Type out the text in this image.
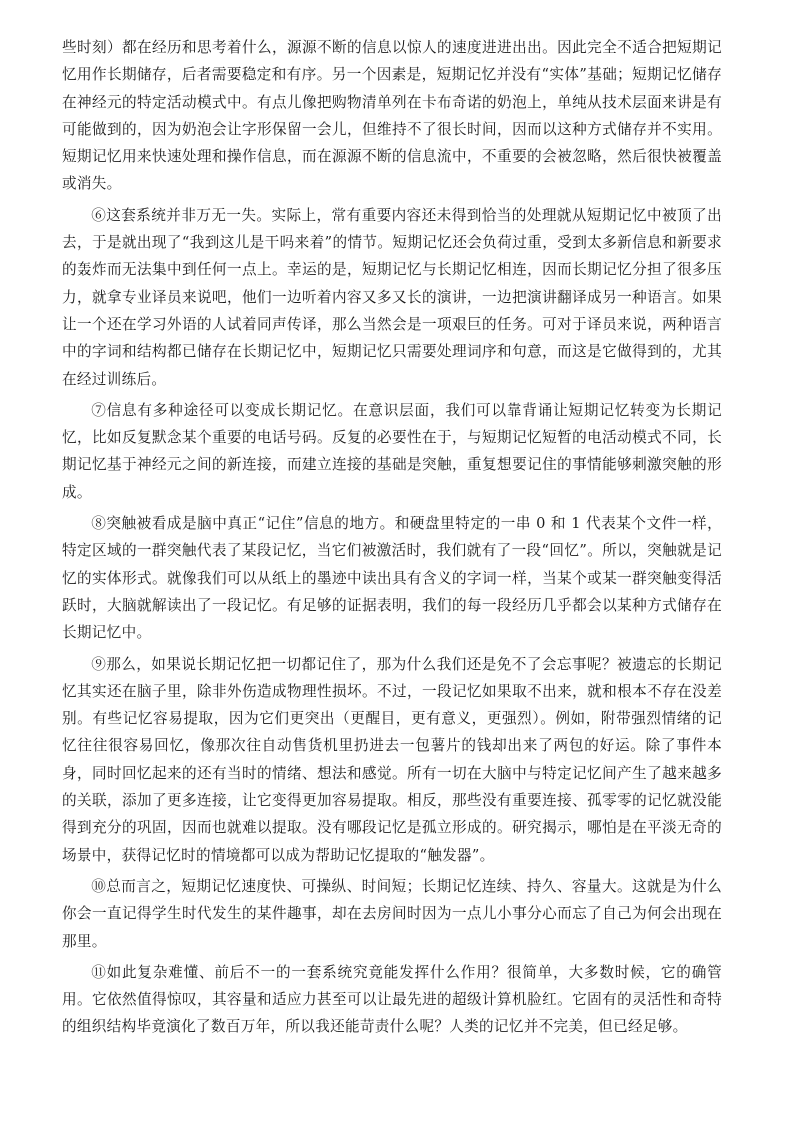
些时刻）都在经历和思考着什么，源源不断的信息以惊人的速度进进出出。因此完全不适合把短期记忆用作长期储存，后者需要稳定和有序。另一个因素是，短期记忆并没有“实体”基础；短期记忆储存在神经元的特定活动模式中。有点儿像把购物清单列在卡布奇诺的奶泡上，单纯从技术层面来讲是有可能做到的，因为奶泡会让字形保留一会儿，但维持不了很长时间，因而以这种方式储存并不实用。短期记忆用来快速处理和操作信息，而在源源不断的信息流中，不重要的会被忽略，然后很快被覆盖或消失。

⑥这套系统并非万无一失。实际上，常有重要内容还未得到恰当的处理就从短期记忆中被顶了出去，于是就出现了“我到这儿是干吗来着”的情节。短期记忆还会负荷过重，受到太多新信息和新要求的轰炸而无法集中到任何一点上。幸运的是，短期记忆与长期记忆相连，因而长期记忆分担了很多压力，就拿专业译员来说吧，他们一边听着内容又多又长的演讲，一边把演讲翻译成另一种语言。如果让一个还在学习外语的人试着同声传译，那么当然会是一项艰巨的任务。可对于译员来说，两种语言中的字词和结构都已储存在长期记忆中，短期记忆只需要处理词序和句意，而这是它做得到的，尤其在经过训练后。

⑦信息有多种途径可以变成长期记忆。在意识层面，我们可以靠背诵让短期记忆转变为长期记忆，比如反复默念某个重要的电话号码。反复的必要性在于，与短期记忆短暂的电活动模式不同，长期记忆基于神经元之间的新连接，而建立连接的基础是突触，重复想要记住的事情能够刺激突触的形成。

⑧突触被看成是脑中真正“记住”信息的地方。和硬盘里特定的一串 0 和 1 代表某个文件一样，特定区域的一群突触代表了某段记忆，当它们被激活时，我们就有了一段“回忆”。所以，突触就是记忆的实体形式。就像我们可以从纸上的墨迹中读出具有含义的字词一样，当某个或某一群突触变得活跃时，大脑就解读出了一段记忆。有足够的证据表明，我们的每一段经历几乎都会以某种方式储存在长期记忆中。

⑨那么，如果说长期记忆把一切都记住了，那为什么我们还是免不了会忘事呢？被遗忘的长期记忆其实还在脑子里，除非外伤造成物理性损坏。不过，一段记忆如果取不出来，就和根本不存在没差别。有些记忆容易提取，因为它们更突出（更醒目，更有意义，更强烈）。例如，附带强烈情绪的记忆往往很容易回忆，像那次往自动售货机里扔进去一包薯片的钱却出来了两包的好运。除了事件本身，同时回忆起来的还有当时的情绪、想法和感觉。所有一切在大脑中与特定记忆间产生了越来越多的关联，添加了更多连接，让它变得更加容易提取。相反，那些没有重要连接、孤零零的记忆就没能得到充分的巩固，因而也就难以提取。没有哪段记忆是孤立形成的。研究揭示，哪怕是在平淡无奇的场景中，获得记忆时的情境都可以成为帮助记忆提取的“触发器”。

⑩总而言之，短期记忆速度快、可操纵、时间短；长期记忆连续、持久、容量大。这就是为什么你会一直记得学生时代发生的某件趣事，却在去房间时因为一点儿小事分心而忘了自己为何会出现在那里。

⑪如此复杂难懂、前后不一的一套系统究竟能发挥什么作用？很简单，大多数时候，它的确管用。它依然值得惊叹，其容量和适应力甚至可以让最先进的超级计算机脸红。它固有的灵活性和奇特的组织结构毕竟演化了数百万年，所以我还能苛责什么呢？人类的记忆并不完美，但已经足够。
